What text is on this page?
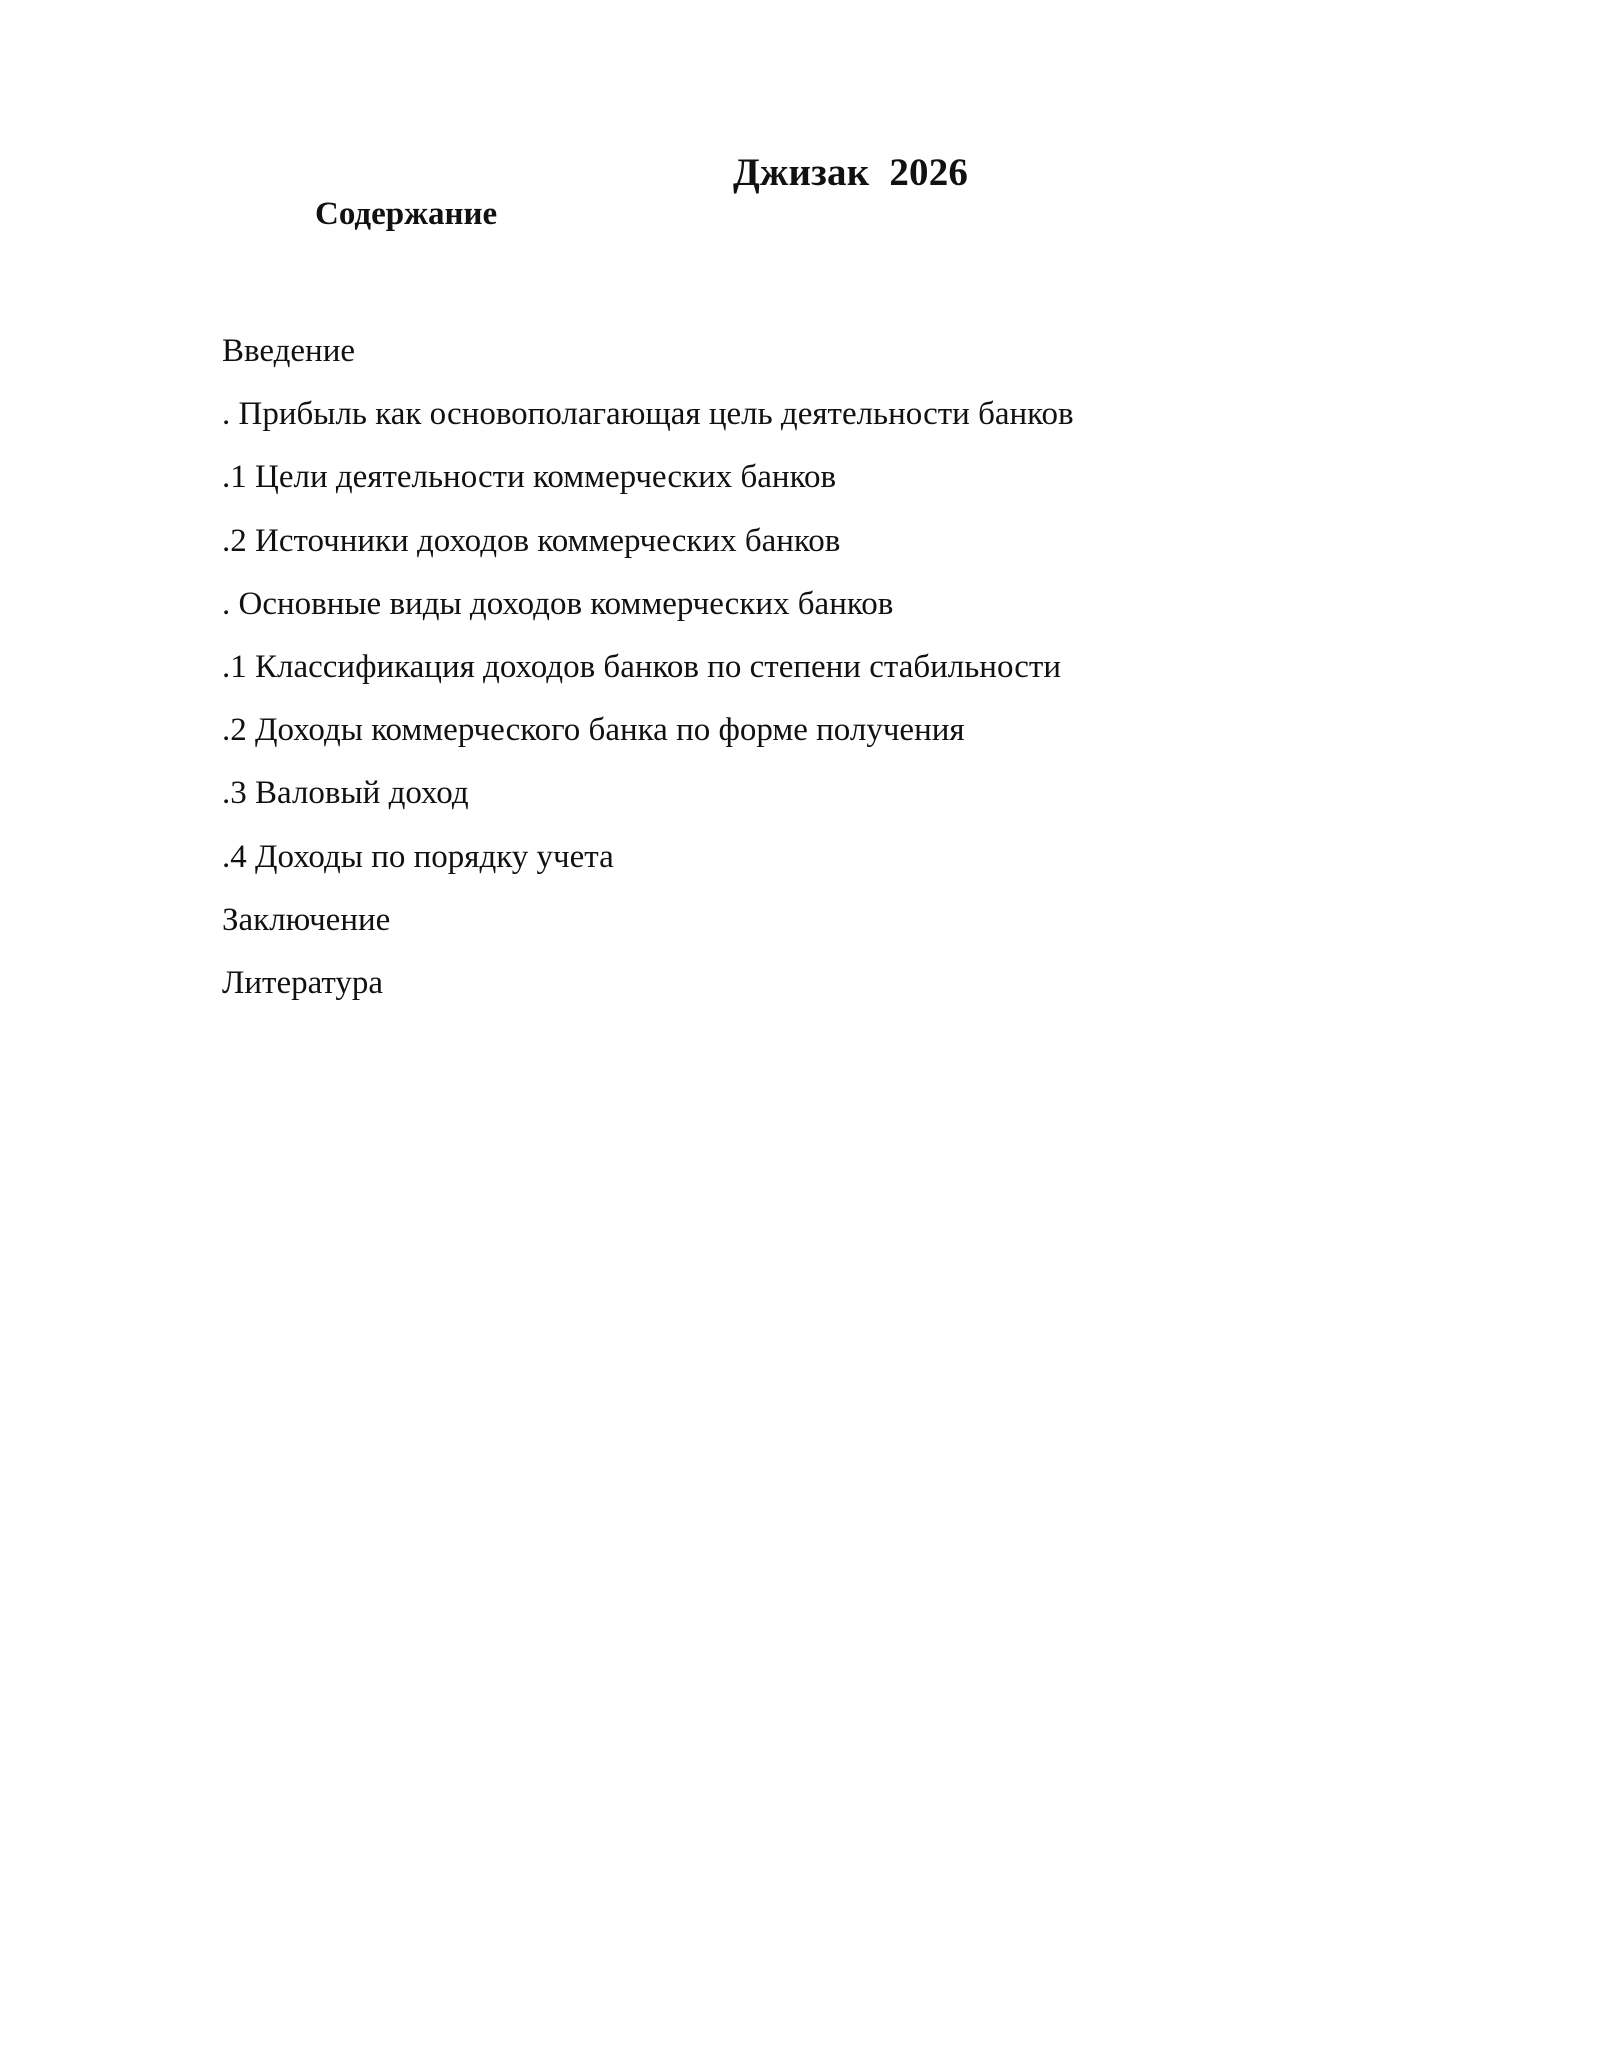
Джизак  2026
Содержание
Введение
. Прибыль как основополагающая цель деятельности банков
.1 Цели деятельности коммерческих банков
.2 Источники доходов коммерческих банков
. Основные виды доходов коммерческих банков
.1 Классификация доходов банков по степени стабильности
.2 Доходы коммерческого банка по форме получения
.3 Валовый доход
.4 Доходы по порядку учета
Заключение
Литература
